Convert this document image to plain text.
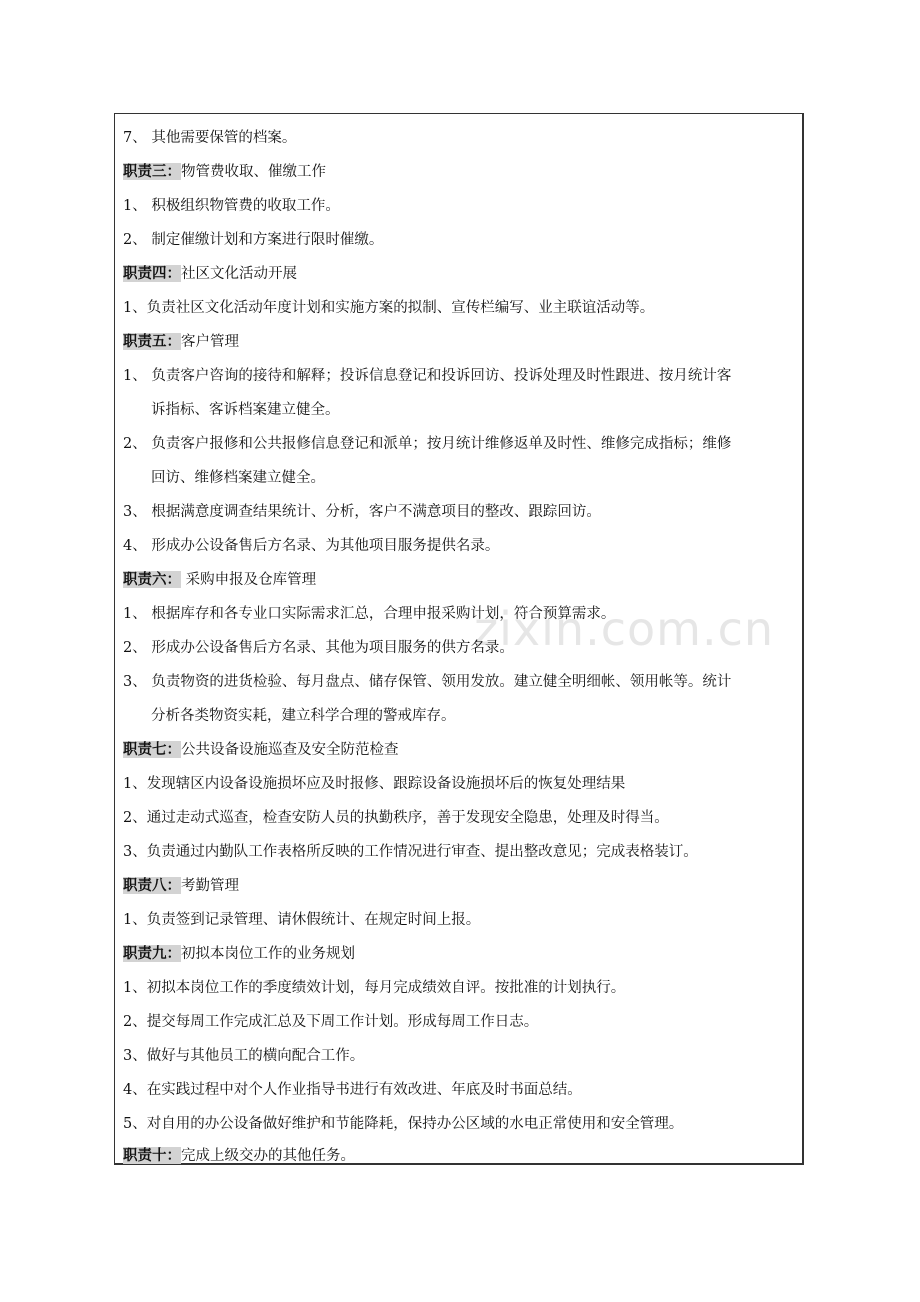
zixin.com.cn
7、 其他需要保管的档案。
职责三：物管费收取、催缴工作
1、 积极组织物管费的收取工作。
2、 制定催缴计划和方案进行限时催缴。
职责四：社区文化活动开展
1、负责社区文化活动年度计划和实施方案的拟制、宣传栏编写、业主联谊活动等。
职责五：客户管理
1、 负责客户咨询的接待和解释；投诉信息登记和投诉回访、投诉处理及时性跟进、按月统计客
诉指标、客诉档案建立健全。
2、 负责客户报修和公共报修信息登记和派单；按月统计维修返单及时性、维修完成指标；维修
回访、维修档案建立健全。
3、 根据满意度调查结果统计、分析，客户不满意项目的整改、跟踪回访。
4、 形成办公设备售后方名录、为其他项目服务提供名录。
职责六： 采购申报及仓库管理
1、 根据库存和各专业口实际需求汇总，合理申报采购计划，符合预算需求。
2、 形成办公设备售后方名录、其他为项目服务的供方名录。
3、 负责物资的进货检验、每月盘点、储存保管、领用发放。建立健全明细帐、领用帐等。统计
分析各类物资实耗，建立科学合理的警戒库存。
职责七：公共设备设施巡查及安全防范检查
1、发现辖区内设备设施损坏应及时报修、跟踪设备设施损坏后的恢复处理结果
2、通过走动式巡查，检查安防人员的执勤秩序，善于发现安全隐患，处理及时得当。
3、负责通过内勤队工作表格所反映的工作情况进行审查、提出整改意见；完成表格装订。
职责八：考勤管理
1、负责签到记录管理、请休假统计、在规定时间上报。
职责九：初拟本岗位工作的业务规划
1、初拟本岗位工作的季度绩效计划，每月完成绩效自评。按批准的计划执行。
2、提交每周工作完成汇总及下周工作计划。形成每周工作日志。
3、做好与其他员工的横向配合工作。
4、在实践过程中对个人作业指导书进行有效改进、年底及时书面总结。
5、对自用的办公设备做好维护和节能降耗，保持办公区域的水电正常使用和安全管理。
职责十：完成上级交办的其他任务。
